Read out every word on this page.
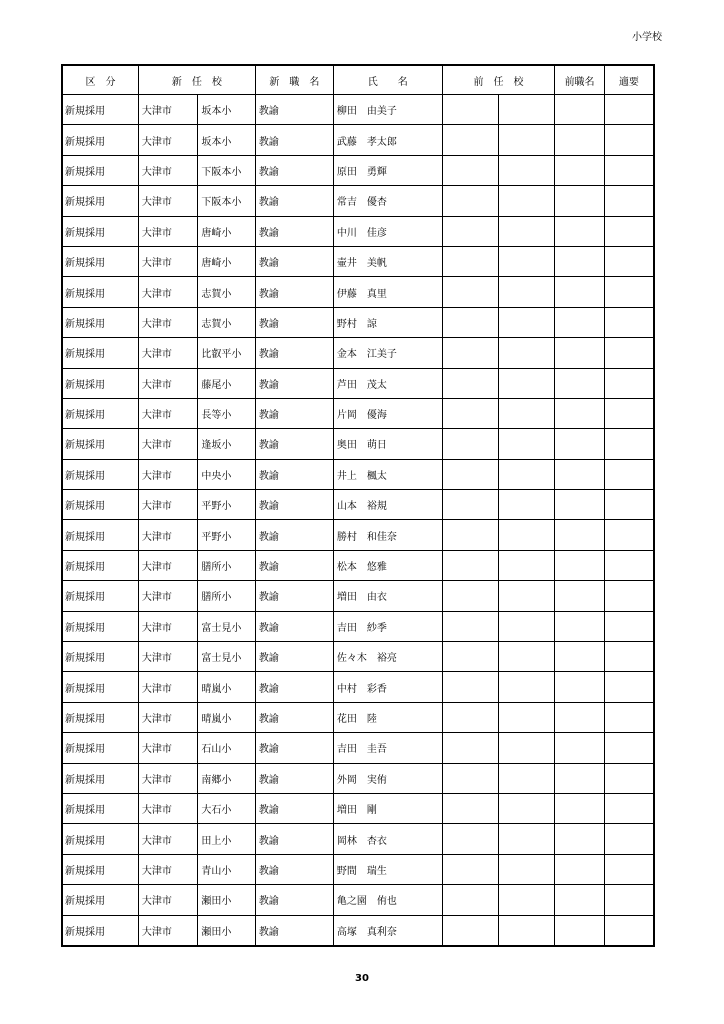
小学校
区　分	新　任　校		新　職　名	氏　　名	前　任　校		前職名	適要
新規採用	大津市	坂本小	教諭	柳田　由美子				
新規採用	大津市	坂本小	教諭	武藤　孝太郎				
新規採用	大津市	下阪本小	教諭	原田　勇輝				
新規採用	大津市	下阪本小	教諭	常吉　優杏				
新規採用	大津市	唐崎小	教諭	中川　佳彦				
新規採用	大津市	唐崎小	教諭	壷井　美帆				
新規採用	大津市	志賀小	教諭	伊藤　真里				
新規採用	大津市	志賀小	教諭	野村　諒				
新規採用	大津市	比叡平小	教諭	金本　江美子				
新規採用	大津市	藤尾小	教諭	芦田　茂太				
新規採用	大津市	長等小	教諭	片岡　優海				
新規採用	大津市	逢坂小	教諭	奥田　萌日				
新規採用	大津市	中央小	教諭	井上　楓太				
新規採用	大津市	平野小	教諭	山本　裕規				
新規採用	大津市	平野小	教諭	勝村　和佳奈				
新規採用	大津市	膳所小	教諭	松本　悠雅				
新規採用	大津市	膳所小	教諭	増田　由衣				
新規採用	大津市	富士見小	教諭	吉田　紗季				
新規採用	大津市	富士見小	教諭	佐々木　裕亮				
新規採用	大津市	晴嵐小	教諭	中村　彩香				
新規採用	大津市	晴嵐小	教諭	花田　陸				
新規採用	大津市	石山小	教諭	吉田　圭吾				
新規採用	大津市	南郷小	教諭	外岡　実侑				
新規採用	大津市	大石小	教諭	増田　剛				
新規採用	大津市	田上小	教諭	岡林　杏衣				
新規採用	大津市	青山小	教諭	野間　瑞生				
新規採用	大津市	瀬田小	教諭	亀之園　侑也				
新規採用	大津市	瀬田小	教諭	高塚　真利奈				
30
